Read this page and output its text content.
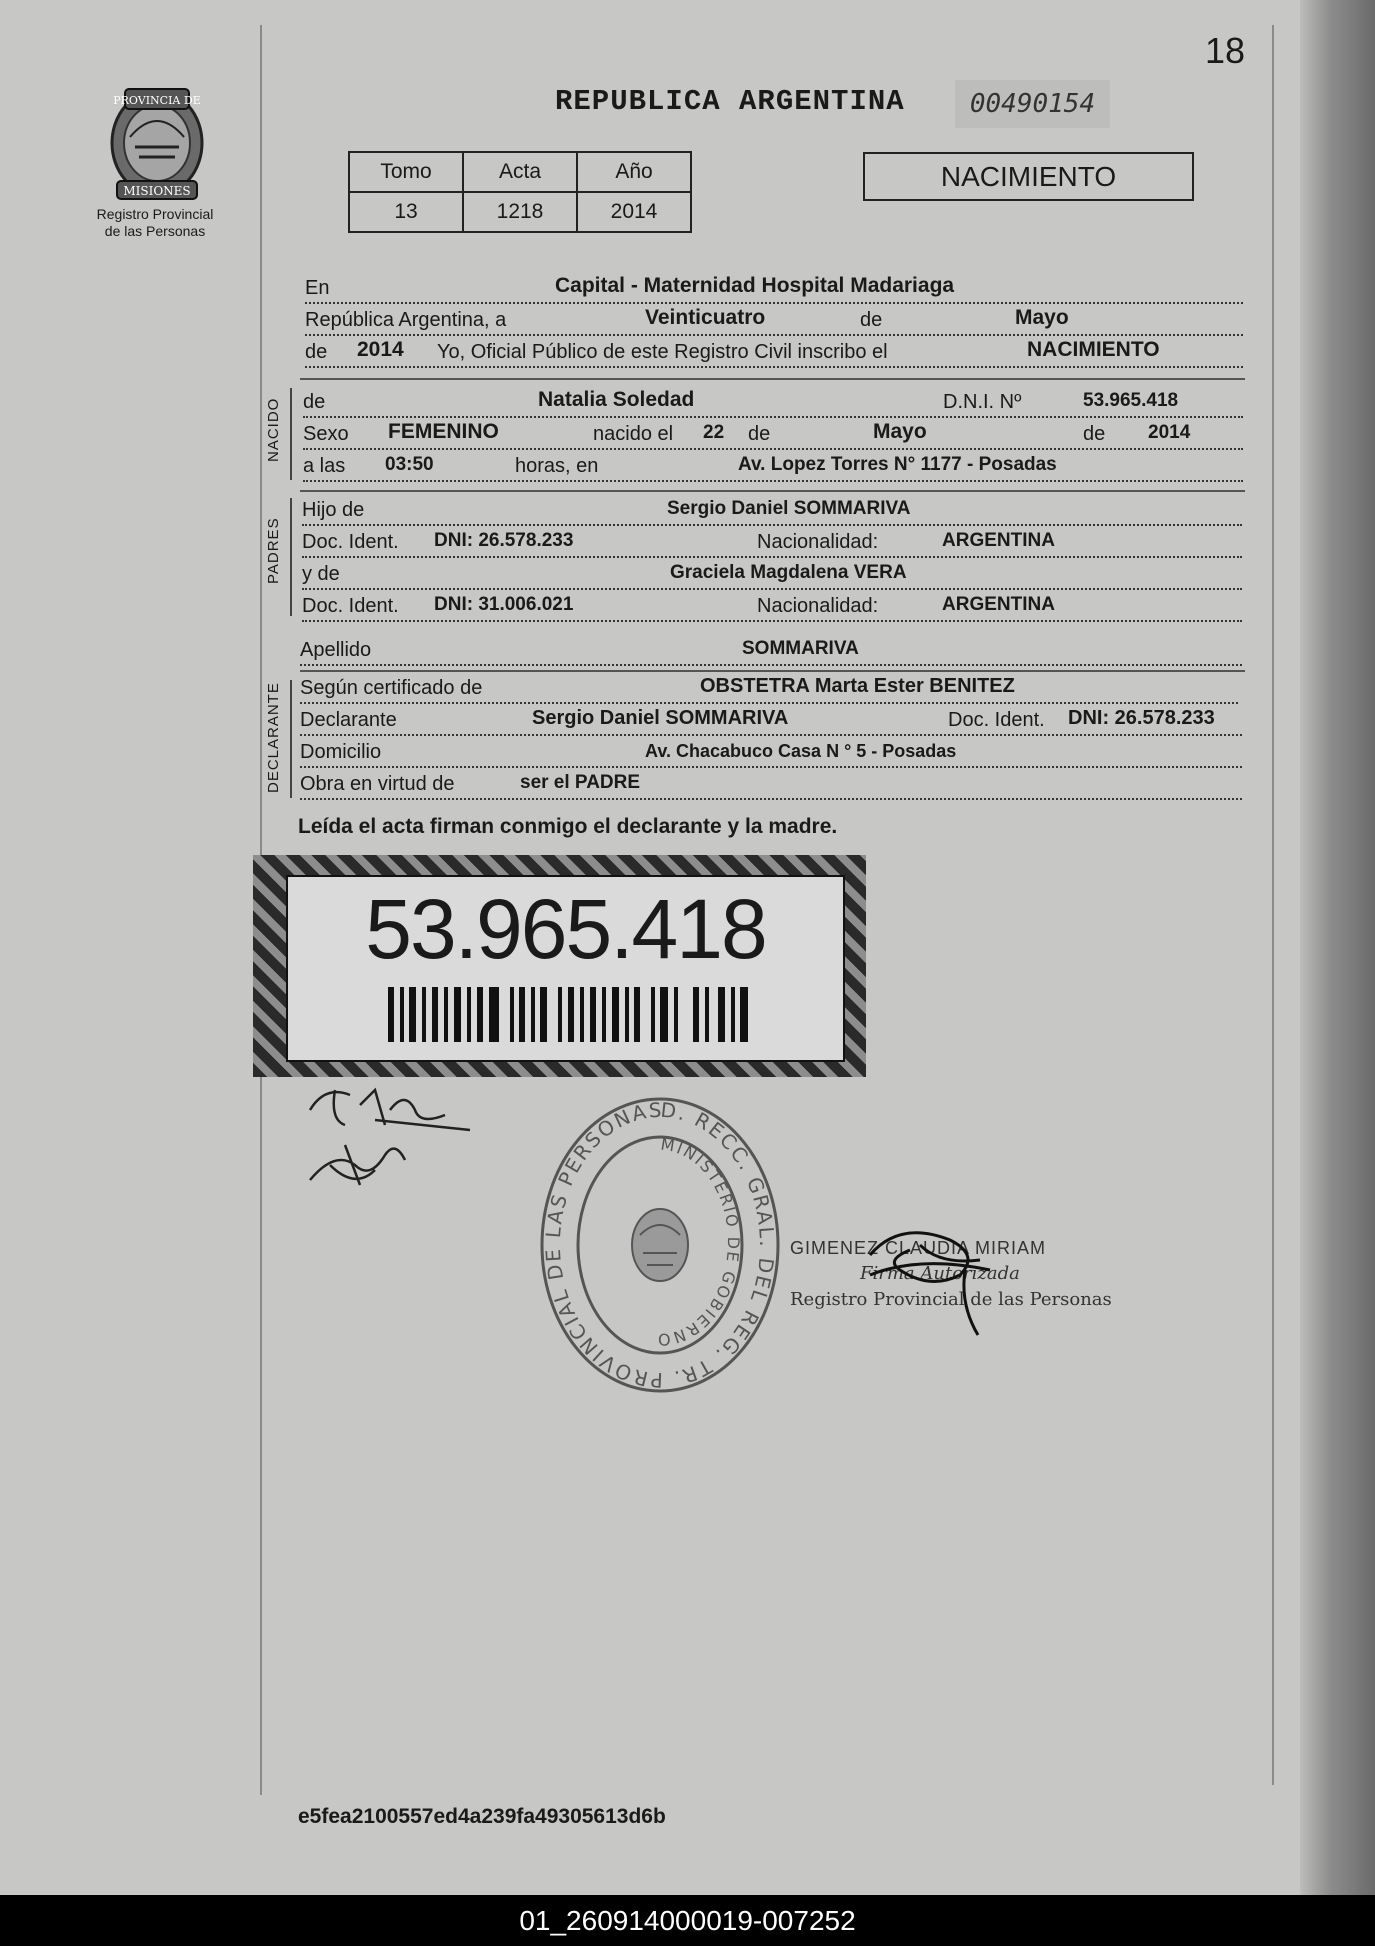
18
PROVINCIA DE
MISIONES
Registro Provincial
de las Personas
REPUBLICA ARGENTINA	00490154
Tomo	Acta	Año
13	1218	2014
NACIMIENTO
En	Capital - Maternidad Hospital Madariaga
República Argentina, a	Veinticuatro	de	Mayo
de 2014 Yo, Oficial Público de este Registro Civil inscribo el	NACIMIENTO
de	Natalia Soledad	D.N.I. Nº	53.965.418
Sexo FEMENINO	nacido el 22 de	Mayo	de 2014
a las 03:50	horas, en	Av. Lopez Torres N° 1177 - Posadas
Hijo de	Sergio Daniel SOMMARIVA
Doc. Ident. DNI: 26.578.233	Nacionalidad:	ARGENTINA
y de	Graciela Magdalena VERA
Doc. Ident. DNI: 31.006.021	Nacionalidad:	ARGENTINA
Apellido	SOMMARIVA
Según certificado de	OBSTETRA Marta Ester BENITEZ
Declarante	Sergio Daniel SOMMARIVA	Doc. Ident. DNI: 26.578.233
Domicilio	Av. Chacabuco Casa N ° 5 - Posadas
Obra en virtud de	ser el PADRE
Leída el acta firman conmigo el declarante y la madre.
53.965.418
D. RECC. GRAL. DEL REG. TR. PROVINCIAL DE LAS PERSONAS
MINISTERIO DE GOBIERNO
GIMENEZ CLAUDIA MIRIAM
Firma Autorizada
Registro Provincial de las Personas
e5fea2100557ed4a239fa49305613d6b
01_260914000019-007252
